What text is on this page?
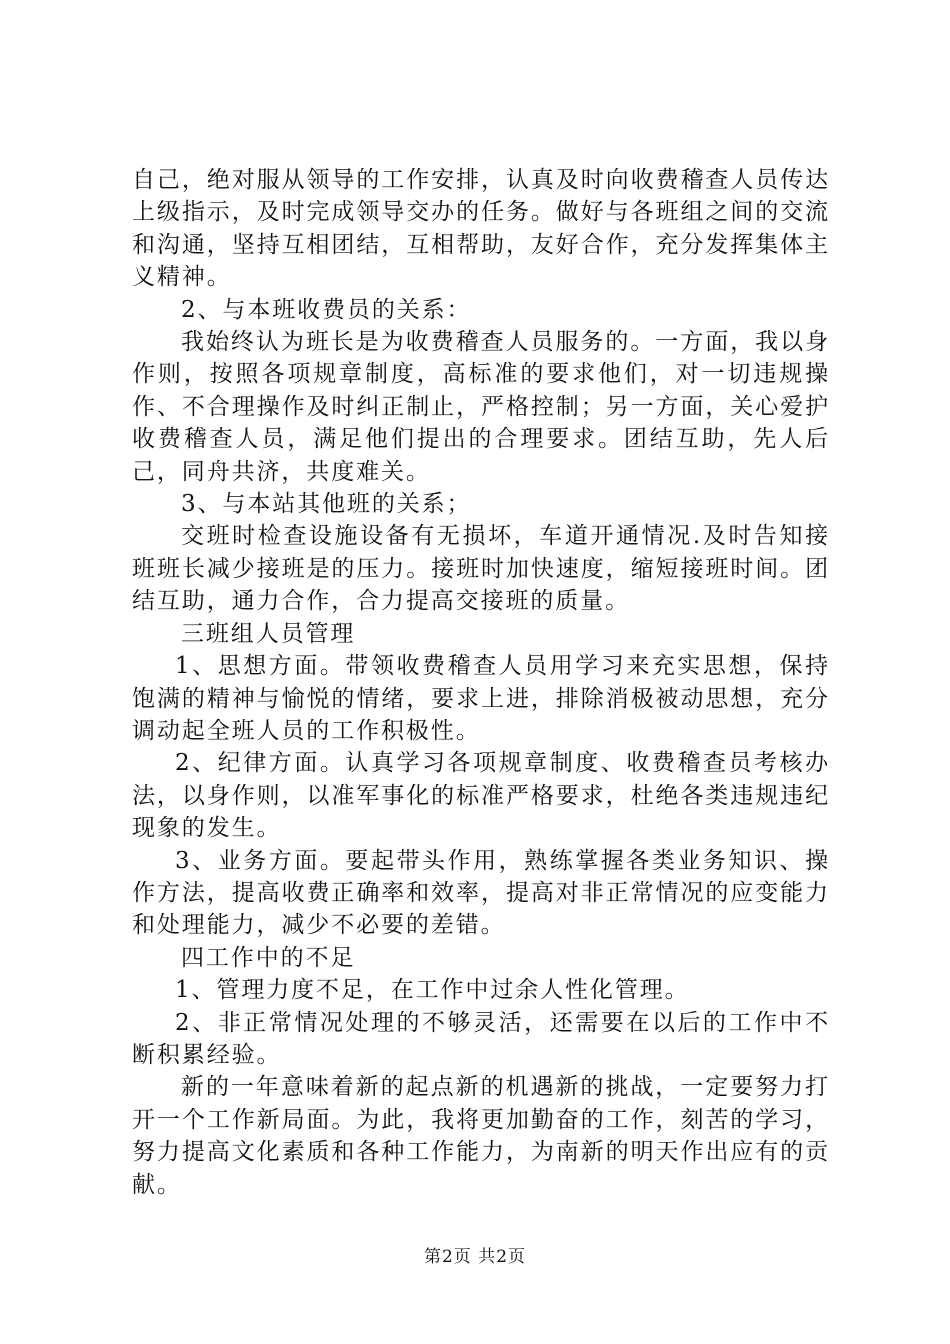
自己，绝对服从领导的工作安排，认真及时向收费稽查人员传达上级指示，及时完成领导交办的任务。做好与各班组之间的交流和沟通，坚持互相团结，互相帮助，友好合作，充分发挥集体主义精神。

2、与本班收费员的关系：

我始终认为班长是为收费稽查人员服务的。一方面，我以身作则，按照各项规章制度，高标准的要求他们，对一切违规操作、不合理操作及时纠正制止，严格控制；另一方面，关心爱护收费稽查人员，满足他们提出的合理要求。团结互助，先人后己，同舟共济，共度难关。

3、与本站其他班的关系；

交班时检查设施设备有无损坏，车道开通情况.及时告知接班班长减少接班是的压力。接班时加快速度，缩短接班时间。团结互助，通力合作，合力提高交接班的质量。

三班组人员管理

1、思想方面。带领收费稽查人员用学习来充实思想，保持饱满的精神与愉悦的情绪，要求上进，排除消极被动思想，充分调动起全班人员的工作积极性。

2、纪律方面。认真学习各项规章制度、收费稽查员考核办法，以身作则，以准军事化的标准严格要求，杜绝各类违规违纪现象的发生。

3、业务方面。要起带头作用，熟练掌握各类业务知识、操作方法，提高收费正确率和效率，提高对非正常情况的应变能力和处理能力，减少不必要的差错。

四工作中的不足

1、管理力度不足，在工作中过余人性化管理。

2、非正常情况处理的不够灵活，还需要在以后的工作中不断积累经验。

新的一年意味着新的起点新的机遇新的挑战，一定要努力打开一个工作新局面。为此，我将更加勤奋的工作，刻苦的学习，努力提高文化素质和各种工作能力，为南新的明天作出应有的贡献。

第2页 共2页
